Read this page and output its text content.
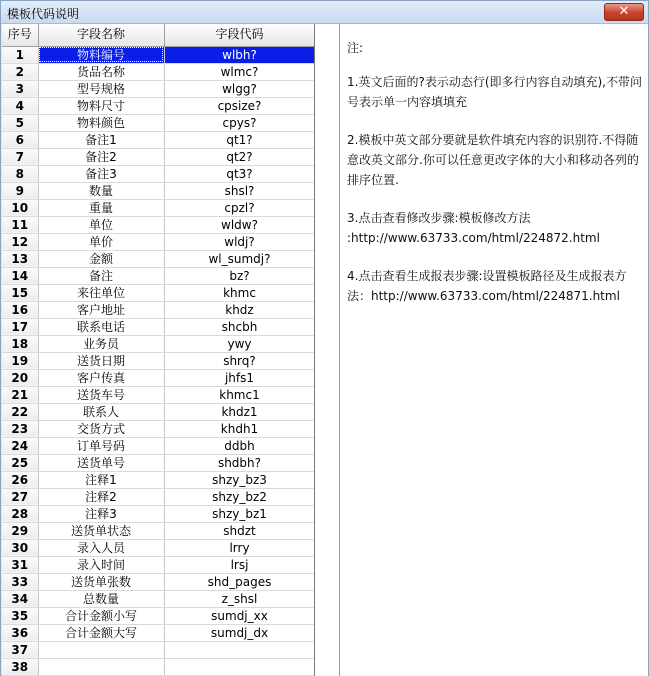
模板代码说明	✕
序号	字段名称	字段代码
1	物料编号	wlbh?
2	货品名称	wlmc?
3	型号规格	wlgg?
4	物料尺寸	cpsize?
5	物料颜色	cpys?
6	备注1	qt1?
7	备注2	qt2?
8	备注3	qt3?
9	数量	shsl?
10	重量	cpzl?
11	单位	wldw?
12	单价	wldj?
13	金额	wl_sumdj?
14	备注	bz?
15	来往单位	khmc
16	客户地址	khdz
17	联系电话	shcbh
18	业务员	ywy
19	送货日期	shrq?
20	客户传真	jhfs1
21	送货车号	khmc1
22	联系人	khdz1
23	交货方式	khdh1
24	订单号码	ddbh
25	送货单号	shdbh?
26	注释1	shzy_bz3
27	注释2	shzy_bz2
28	注释3	shzy_bz1
29	送货单状态	shdzt
30	录入人员	lrry
31	录入时间	lrsj
33	送货单张数	shd_pages
34	总数量	z_shsl
35	合计金额小写	sumdj_xx
36	合计金额大写	sumdj_dx
37		
38		

注:

1.英文后面的?表示动态行(即多行内容自动填充),不带问号表示单一内容填填充

2.模板中英文部分要就是软件填充内容的识别符.不得随意改英文部分.你可以任意更改字体的大小和移动各列的排序位置.

3.点击查看修改步骤:模板修改方法 :http://www.63733.com/html/224872.html

4.点击查看生成报表步骤:设置模板路径及生成报表方法：http://www.63733.com/html/224871.html
